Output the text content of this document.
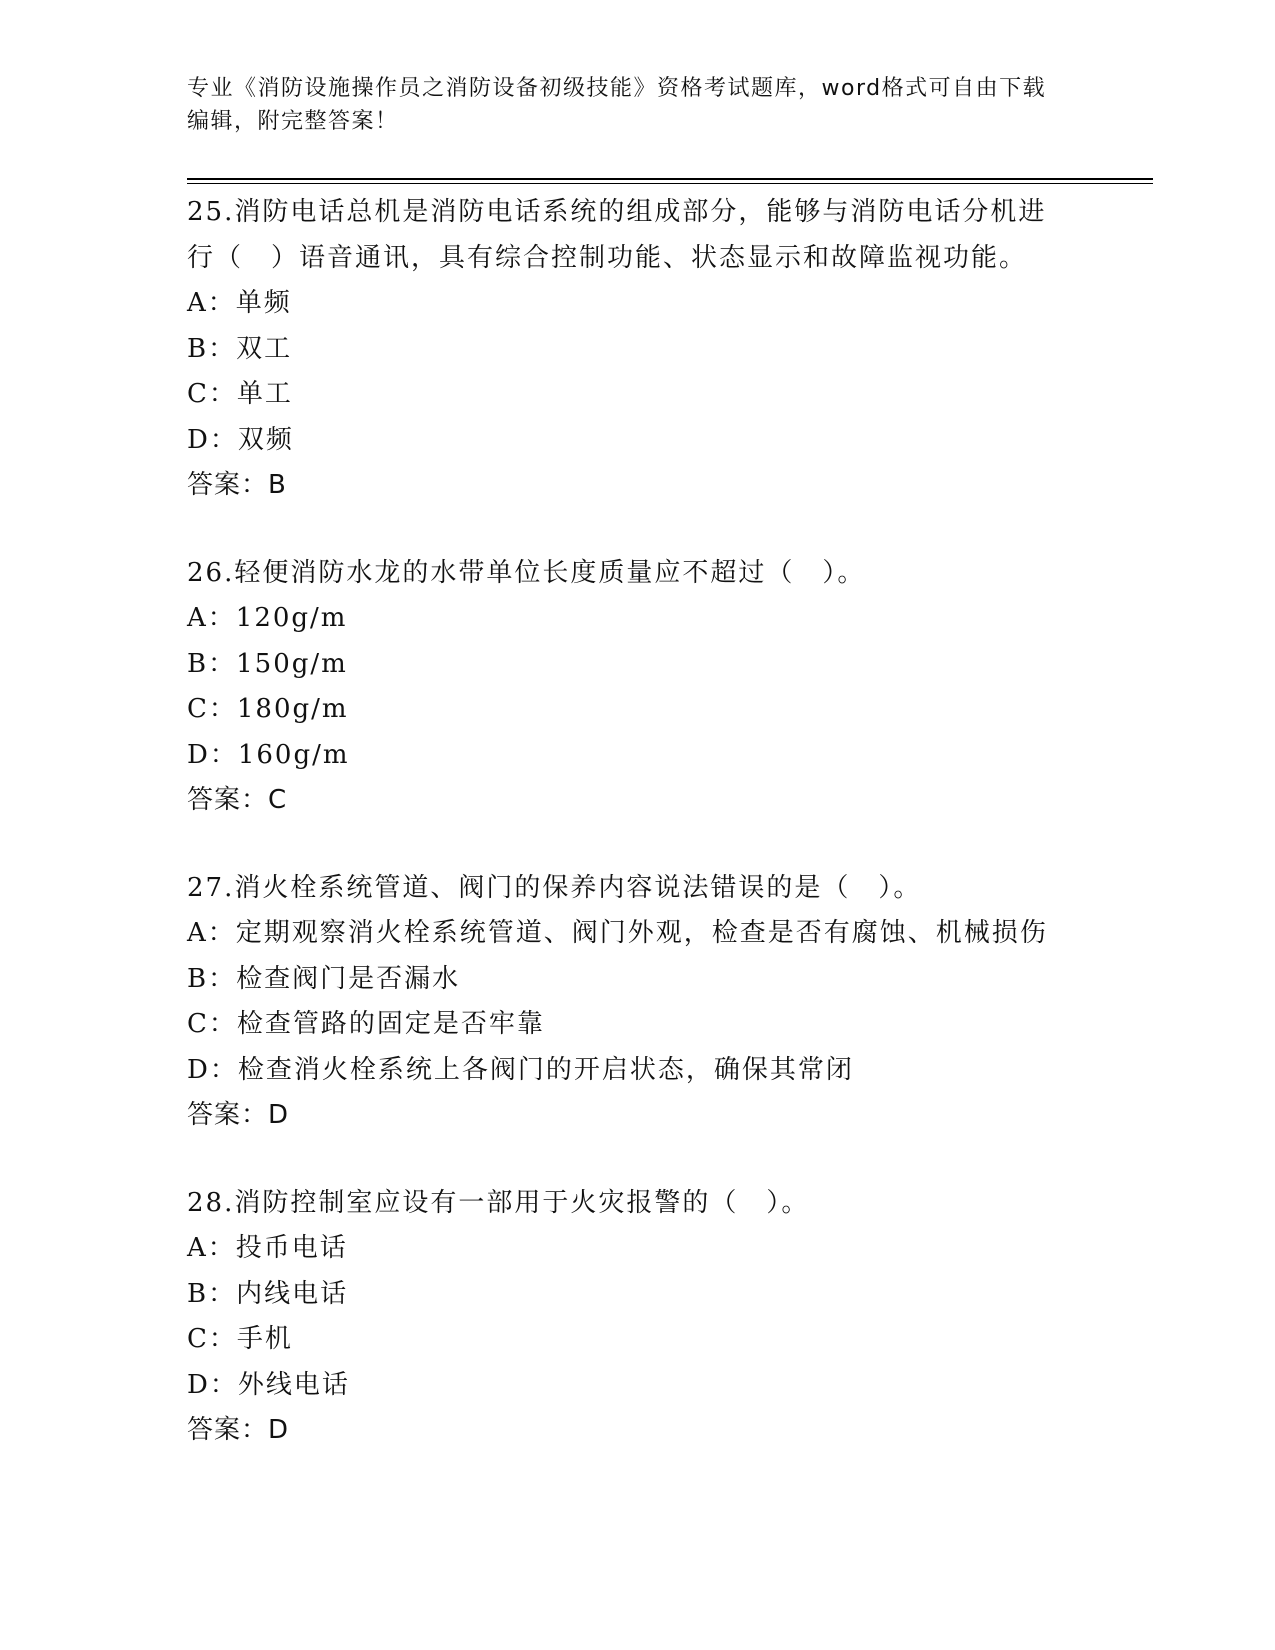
专业《消防设施操作员之消防设备初级技能》资格考试题库，word格式可自由下载编辑，附完整答案！
25.消防电话总机是消防电话系统的组成部分，能够与消防电话分机进行（　）语音通讯，具有综合控制功能、状态显示和故障监视功能。
A：单频
B：双工
C：单工
D：双频
答案：B
26.轻便消防水龙的水带单位长度质量应不超过（　）。
A：120g/m
B：150g/m
C：180g/m
D：160g/m
答案：C
27.消火栓系统管道、阀门的保养内容说法错误的是（　）。
A：定期观察消火栓系统管道、阀门外观，检查是否有腐蚀、机械损伤
B：检查阀门是否漏水
C：检查管路的固定是否牢靠
D：检查消火栓系统上各阀门的开启状态，确保其常闭
答案：D
28.消防控制室应设有一部用于火灾报警的（　）。
A：投币电话
B：内线电话
C：手机
D：外线电话
答案：D
